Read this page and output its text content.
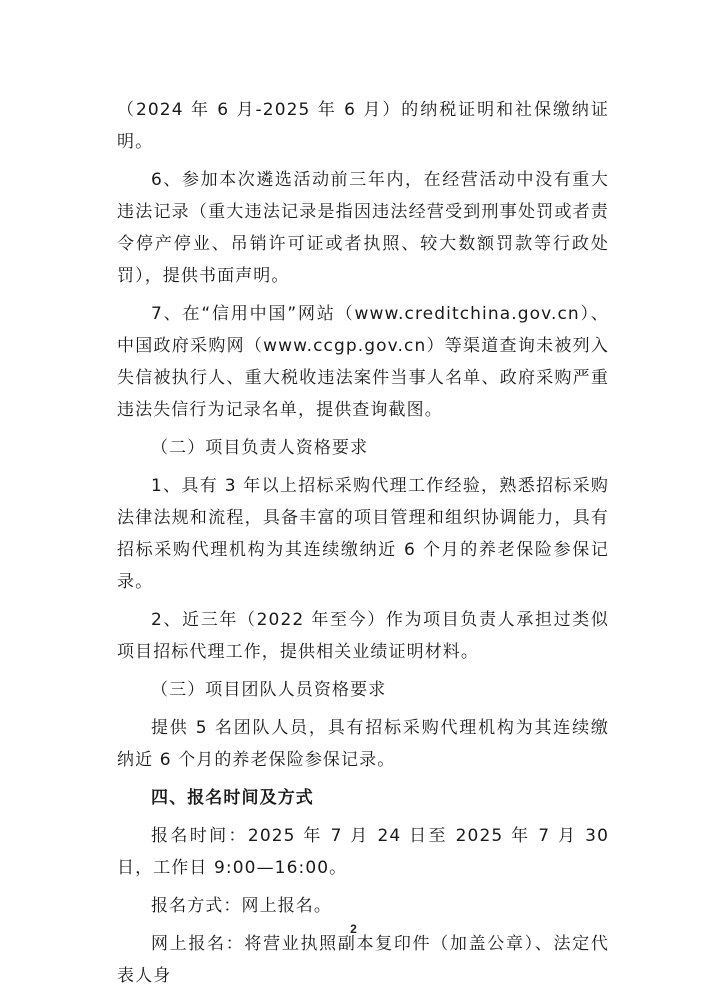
（2024 年 6 月-2025 年 6 月）的纳税证明和社保缴纳证明。

6、参加本次遴选活动前三年内，在经营活动中没有重大违法记录（重大违法记录是指因违法经营受到刑事处罚或者责令停产停业、吊销许可证或者执照、较大数额罚款等行政处罚），提供书面声明。

7、在“信用中国”网站（www.creditchina.gov.cn）、中国政府采购网（www.ccgp.gov.cn）等渠道查询未被列入失信被执行人、重大税收违法案件当事人名单、政府采购严重违法失信行为记录名单，提供查询截图。

（二）项目负责人资格要求

1、具有 3 年以上招标采购代理工作经验，熟悉招标采购法律法规和流程，具备丰富的项目管理和组织协调能力，具有招标采购代理机构为其连续缴纳近 6 个月的养老保险参保记录。

2、近三年（2022 年至今）作为项目负责人承担过类似项目招标代理工作，提供相关业绩证明材料。

（三）项目团队人员资格要求

提供 5 名团队人员，具有招标采购代理机构为其连续缴纳近 6 个月的养老保险参保记录。

四、报名时间及方式

报名时间：2025 年 7 月 24 日至 2025 年 7 月 30 日，工作日 9:00—16:00。

报名方式：网上报名。

网上报名：将营业执照副本复印件（加盖公章）、法定代表人身

2
